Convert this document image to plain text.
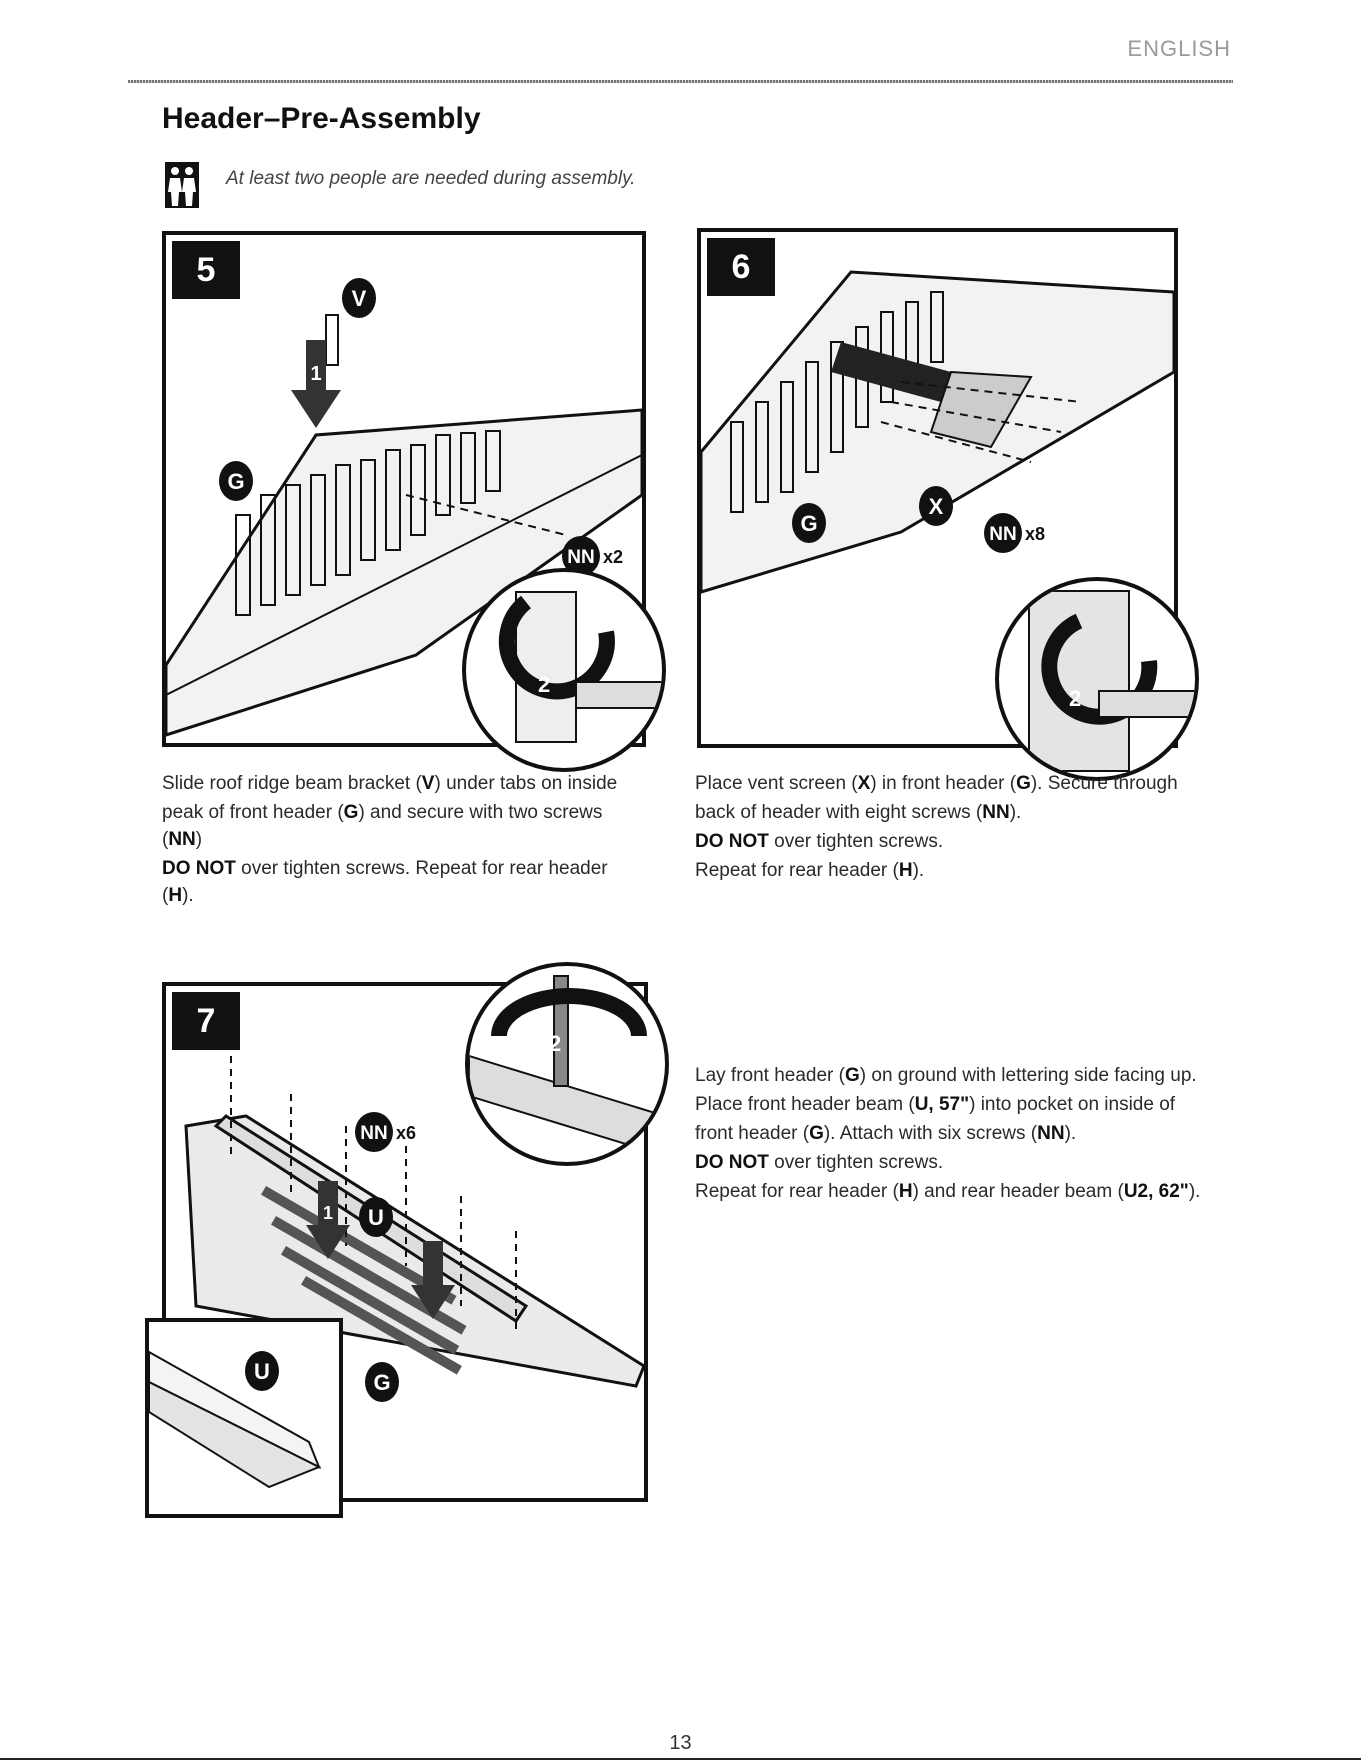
ENGLISH
Header–Pre-Assembly
At least two people are needed during assembly.
5
1
V
G
NN x2
2

Slide roof ridge beam bracket (V) under tabs on inside

peak of front header (G) and secure with two screws (NN)

DO NOT over tighten screws. Repeat for rear header (H).

6
G
X
NN x8
2

Place vent screen (X) in front header (G). Secure through

back of header with eight screws (NN).

DO NOT over tighten screws.

Repeat for rear header (H).

7
1
NN x6
U
G
2
U

Lay front header (G) on ground with lettering side facing up.

Place front header beam (U, 57") into pocket on inside of

front header (G). Attach with six screws (NN).

DO NOT over tighten screws.

Repeat for rear header (H) and rear header beam (U2, 62").

13
